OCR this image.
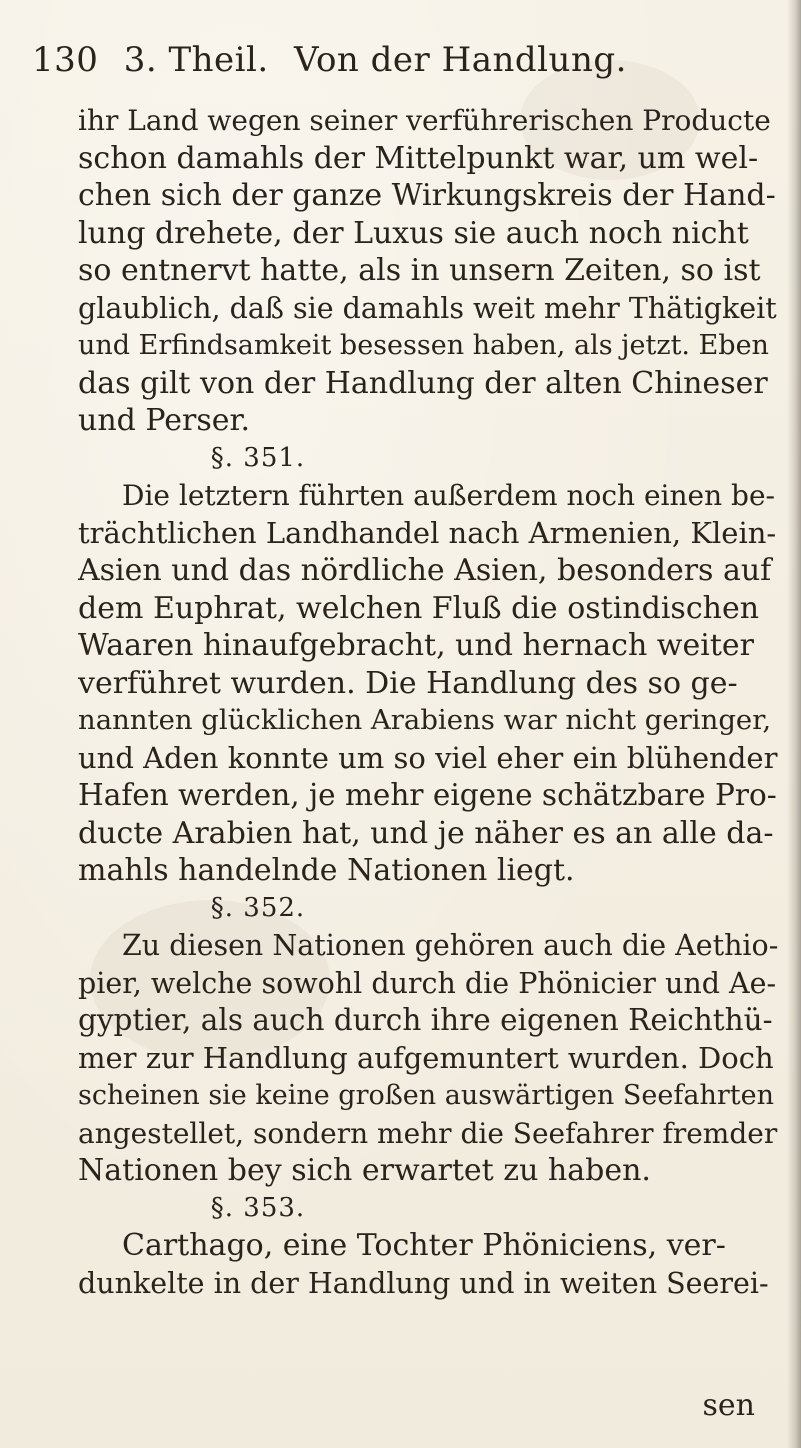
130 3. Theil. Von der Handlung.
ihr Land wegen seiner verführerischen Producte
schon damahls der Mittelpunkt war, um wel-
chen sich der ganze Wirkungskreis der Hand-
lung drehete, der Luxus sie auch noch nicht
so entnervt hatte, als in unsern Zeiten, so ist
glaublich, daß sie damahls weit mehr Thätigkeit
und Erfindsamkeit besessen haben, als jetzt. Eben
das gilt von der Handlung der alten Chineser
und Perser.
§. 351.
Die letztern führten außerdem noch einen be-
trächtlichen Landhandel nach Armenien, Klein-
Asien und das nördliche Asien, besonders auf
dem Euphrat, welchen Fluß die ostindischen
Waaren hinaufgebracht, und hernach weiter
verführet wurden. Die Handlung des so ge-
nannten glücklichen Arabiens war nicht geringer,
und Aden konnte um so viel eher ein blühender
Hafen werden, je mehr eigene schätzbare Pro-
ducte Arabien hat, und je näher es an alle da-
mahls handelnde Nationen liegt.
§. 352.
Zu diesen Nationen gehören auch die Aethio-
pier, welche sowohl durch die Phönicier und Ae-
gyptier, als auch durch ihre eigenen Reichthü-
mer zur Handlung aufgemuntert wurden. Doch
scheinen sie keine großen auswärtigen Seefahrten
angestellet, sondern mehr die Seefahrer fremder
Nationen bey sich erwartet zu haben.
§. 353.
Carthago, eine Tochter Phöniciens, ver-
dunkelte in der Handlung und in weiten Seerei-
sen
